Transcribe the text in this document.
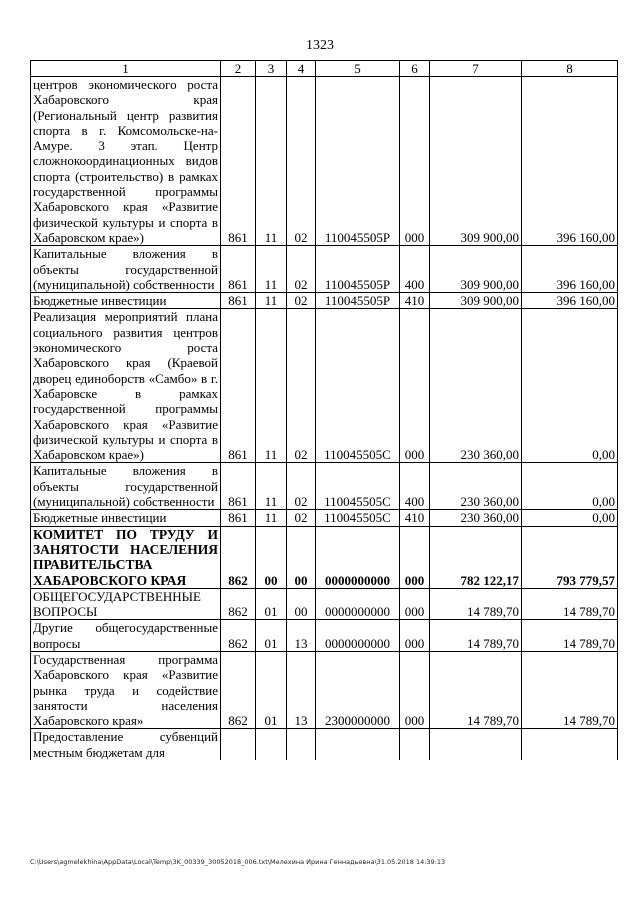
1323
1	2	3	4	5	6	7	8
центров экономического роста Хабаровского края (Региональный центр развития спорта в г. Комсомольске-на-Амуре. 3 этап. Центр сложнокоординационных видов спорта (строительство) в рамках государственной программы Хабаровского края «Развитие физической культуры и спорта в Хабаровском крае»)	861	11	02	110045505Р	000	309 900,00	396 160,00
Капитальные вложения в объекты государственной (муниципальной) собственности	861	11	02	110045505Р	400	309 900,00	396 160,00
Бюджетные инвестиции	861	11	02	110045505Р	410	309 900,00	396 160,00
Реализация мероприятий плана социального развития центров экономического роста Хабаровского края (Краевой дворец единоборств «Самбо» в г. Хабаровске в рамках государственной программы Хабаровского края «Развитие физической культуры и спорта в Хабаровском крае»)	861	11	02	110045505С	000	230 360,00	0,00
Капитальные вложения в объекты государственной (муниципальной) собственности	861	11	02	110045505С	400	230 360,00	0,00
Бюджетные инвестиции	861	11	02	110045505С	410	230 360,00	0,00
КОМИТЕТ ПО ТРУДУ И ЗАНЯТОСТИ НАСЕЛЕНИЯ ПРАВИТЕЛЬСТВА ХАБАРОВСКОГО КРАЯ	862	00	00	0000000000	000	782 122,17	793 779,57
ОБЩЕГОСУДАРСТВЕННЫЕ ВОПРОСЫ	862	01	00	0000000000	000	14 789,70	14 789,70
Другие общегосударственные вопросы	862	01	13	0000000000	000	14 789,70	14 789,70
Государственная программа Хабаровского края «Развитие рынка труда и содействие занятости населения Хабаровского края»	862	01	13	2300000000	000	14 789,70	14 789,70
Предоставление субвенций местным бюджетам для							
C:\Users\agmelekhina\AppData\Local\Temp\3K_00339_30052018_006.txt\Мелехина Ирина Геннадьевна\31.05.2018 14:39:13
